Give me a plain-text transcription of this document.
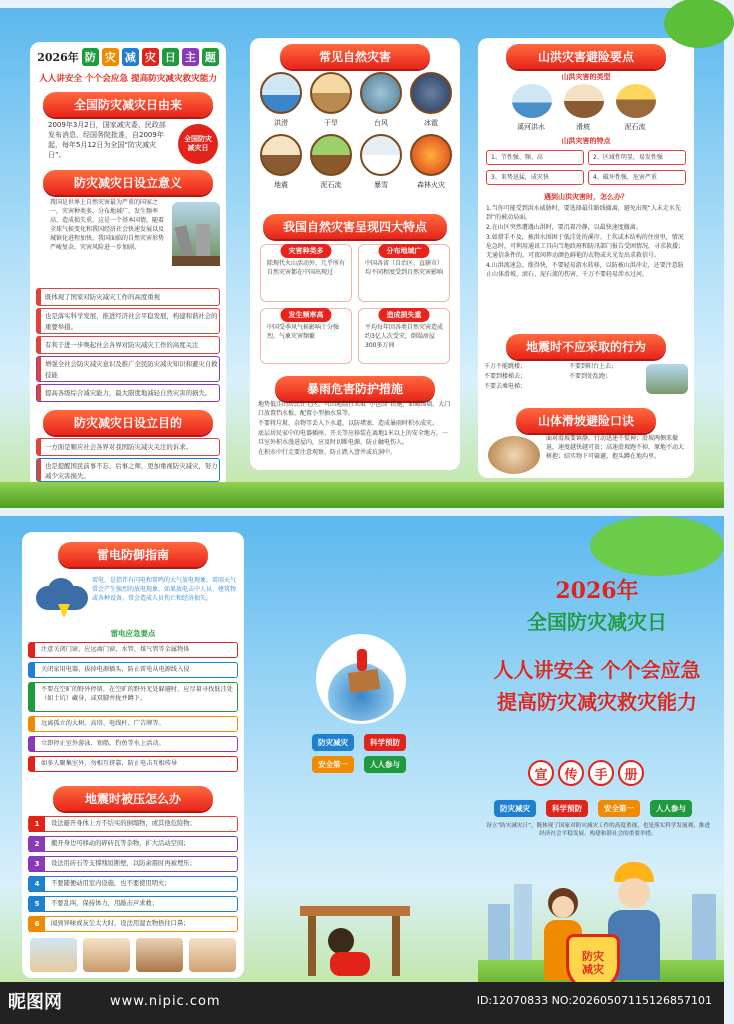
2026年 防 灾 减 灾 日 主 题
人人讲安全 个个会应急 提高防灾减灾救灾能力
全国防灾减灾日由来
2009年3月2日，国家减灾委、民政部发布消息，经国务院批准，自2009年起，每年5月12日为全国“防灾减灾日”。
全国防灾减灾日
防灾减灾日设立意义
我国是世界上自然灾害最为严重的国家之一，灾害种类多、分布地域广、发生频率高、造成损失重，这是一个基本国情。随着全球气候变化和我国经济社会快速发展以及城镇化进程加快，我国面临的自然灾害形势严峻复杂，灾害风险进一步加剧。
既体现了国家对防灾减灾工作的高度重视
也是落实科学发展，推进经济社会平稳发展，构建和谐社会的重要举措。
有利于进一步唤起社会各界对防灾减灾工作的高度关注
增强全社会防灾减灾意识及推广全民防灾减灾知识和避灾自救技能
提高各级综合减灾能力，最大限度地减轻自然灾害的损失。
防灾减灾日设立目的
一方面是顺应社会各界对我国防灾减灾关注的诉求。
也是提醒国民前事不忘、后事之师，更加重视防灾减灾，努力减少灾害损失。
常见自然灾害
洪涝	干旱	台风	冰雹
地震	泥石流	暴雪	森林火灾
我国自然灾害呈现四大特点
灾害种类多
除现代火山活动外，几乎所有自然灾害都在中国出现过
分布地域广
中国各省（自治区、直辖市）均不同程度受到自然灾害影响
发生频率高
中国受季风气候影响十分强烈，气象灾害频繁
造成损失重
平均每年因各类自然灾害造成约3亿人次受灾，倒塌房屋300多万间
暴雨危害防护措施
地势低洼的居民住宅区，可因地制宜采取“小包围”措施，如砌围墙、大门口放置挡水板、配置小型抽水泵等。
不要将垃圾、杂物等丢入下水道，以防堵塞，造成暴雨时积水成灾。
底层居民家中的电器插座、开关等应移装在离地1米以上的安全地方。一旦室外积水漫进屋内，应及时切断电源，防止触电伤人。
在积水中行走要注意观察，防止跌入窨井或坑洞中。
山洪灾害避险要点
山洪灾害的类型
溪河洪水	滑坡	泥石流
山洪灾害的特点
1、节性强、频、高	2、区域性明显，易发性强
3、来势迅猛，成灾快	4、破坏性强，危害严重
遇到山洪灾害时，怎么办？
1.当你可能受到洪水威胁时，要选择最佳路线撤离，避免出现“人未走水先到”的被动局面。
2.在山区突然遭遇山洪时，要沉着冷静，以最快速度撤离。
3.如措手不及，被洪水围困于低洼处的溪岸、土坎或木结构的住房里，情况危急时，可利用通讯工具向当地政府和防汛部门报告受困情况，寻求救援；无通信条件的，可夜间挥动颜色鲜艳的衣物或火光发出求救信号。
4.山洪流速急、涨得快，不要轻易游水转移，以防被山洪冲走，还要注意防止山体滑坡、滚石、泥石流的伤害，千万不要轻易涉水过河。
地震时不应采取的行为
千万不能跳楼；	不要到阳台上去；
不要到楼梯去；	不要到处乱跑；
不要去乘电梯；
山体滑坡避险口诀
面对滑坡要镇静，行动迅速不慌神；滑坡两侧来撤退，速度越快越可贵；高速滑坡跑不掉，原地不动大树抱；结实物下可躲避，抱头蹲在地沟里。
雷电防御指南
雷电，是指伴有闪电和雷鸣的大气放电现象。雷雨天气常会产生强烈的放电现象，如果放电击中人员、建筑物或各种设备，常会造成人员伤亡和经济损失。
雷电应急要点
注意关闭门窗，应远离门窗、水管、煤气管等金属物体
关闭家用电器，拔掉电源插头，防止雷电从电源线入侵
不要在空旷的野外停留，在空旷的野外无处躲避时，应尽量寻找低洼处（如土坑）藏身，或双脚并拢并蹲下。
远离孤立的大树、高塔、电线杆、广告牌等。
立即停止室外游泳、划船、钓鱼等水上活动。
如多人聚集室外，勿相互挤靠，防止电击互相传导
地震时被压怎么办
1	设法避开身体上方不结实的倒塌物，或其他危险物；
2	搬开身边可移动的碎砖瓦等杂物，扩大活动空间；
3	设法用砖石等支撑残垣断壁，以防余震时再被埋压；
4	不要随便动用室内设施，也不要使用明火；
5	不要乱叫，保持体力，用敲击声求救；
6	闻到异味或灰尘太大时，设法用湿衣物捂住口鼻；
防灾减灾	科学预防
安全第一	人人参与
2026年
全国防灾减灾日
人人讲安全 个个会应急
提高防灾减灾救灾能力
宣	传	手	册
防灾减灾	科学预防	安全第一	人人参与
设立“防灾减灾日”，既体现了国家对防灾减灾工作的高度重视，也是落实科学发展观、推进经济社会平稳发展、构建和谐社会的重要举措。
防灾减灾
昵图网	www.nipic.com	ID:12070833 NO:20260507115126857101
